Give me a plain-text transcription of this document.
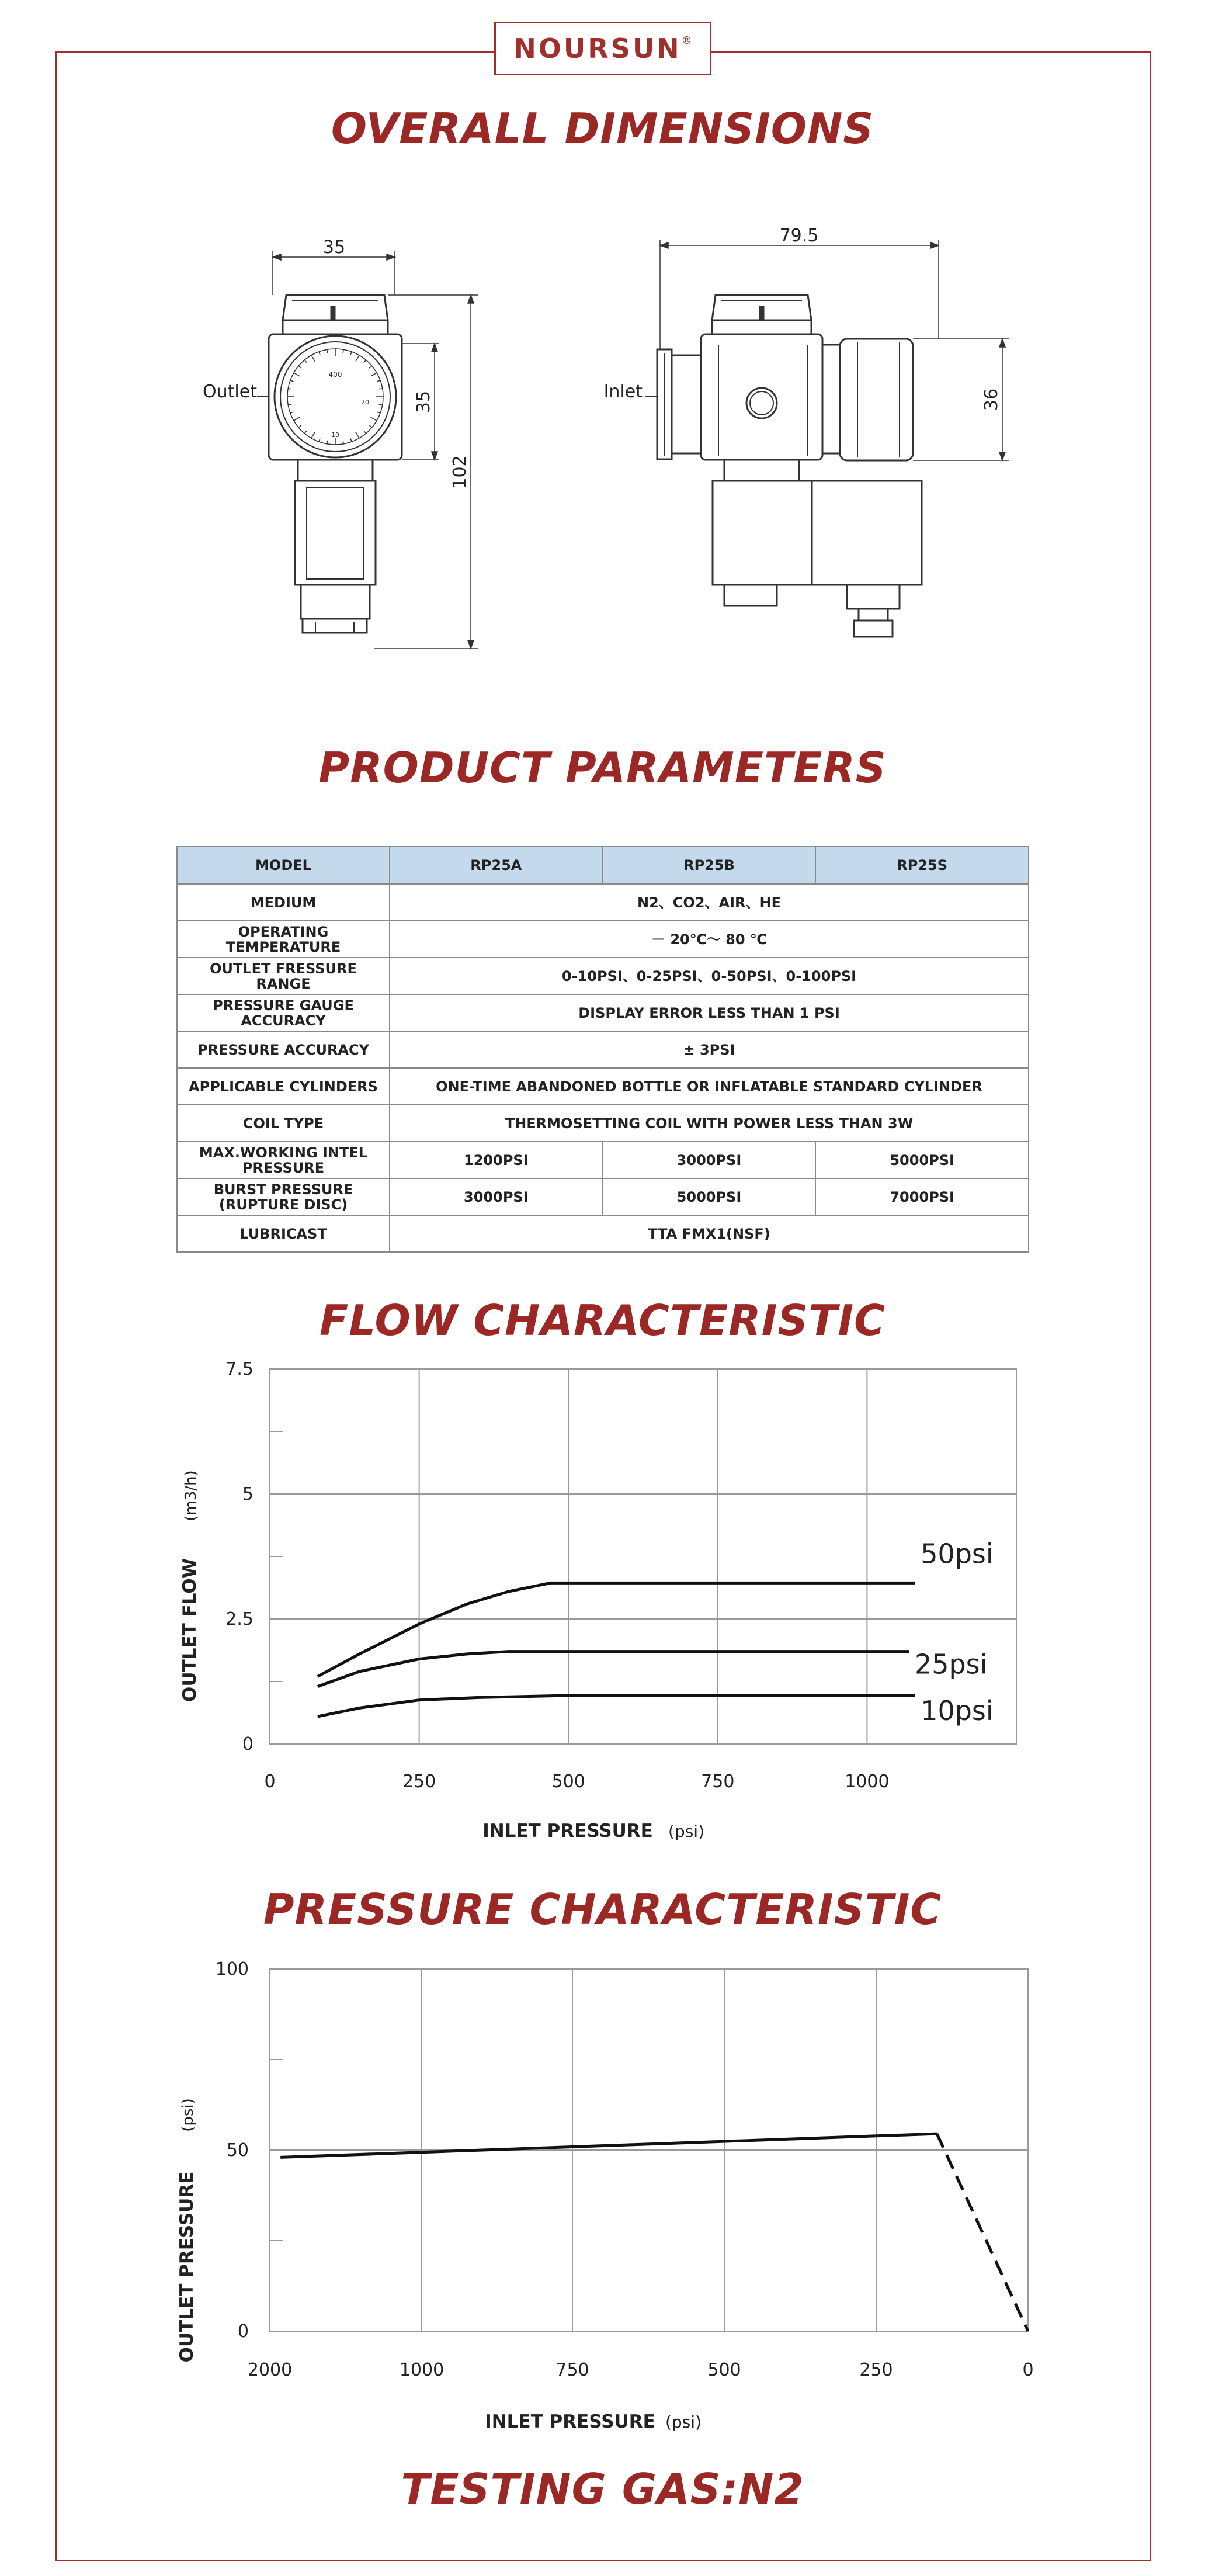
NOURSUN®
OVERALL DIMENSIONS
400
20
10
35
Outlet	35
102
79.5
Inlet	36
PRODUCT PARAMETERS
MODEL	RP25A	RP25B	RP25S
MEDIUM	N2、CO2、AIR、HE		
OPERATING TEMPERATURE	－ 20℃～ 80 ℃		
OUTLET FRESSURE RANGE	0-10PSI、0-25PSI、0-50PSI、0-100PSI		
PRESSURE GAUGE ACCURACY	DISPLAY ERROR LESS THAN 1 PSI		
PRESSURE ACCURACY	± 3PSI		
APPLICABLE CYLINDERS	ONE-TIME ABANDONED BOTTLE OR INFLATABLE STANDARD CYLINDER		
COIL TYPE	THERMOSETTING COIL WITH POWER LESS THAN 3W		
MAX.WORKING INTEL PRESSURE	1200PSI	3000PSI	5000PSI
BURST PRESSURE (RUPTURE DISC)	3000PSI	5000PSI	7000PSI
LUBRICAST	TTA FMX1(NSF)		
FLOW CHARACTERISTIC
0	250	500	750	1000
0
2.5
5
7.5
50psi
25psi
10psi
OUTLET FLOW
(m3/h)
INLET PRESSURE (psi)
PRESSURE CHARACTERISTIC
2000	1000	750	500	250	0
0
50
100
OUTLET PRESSURE
(psi)
INLET PRESSURE (psi)
TESTING GAS:N2
